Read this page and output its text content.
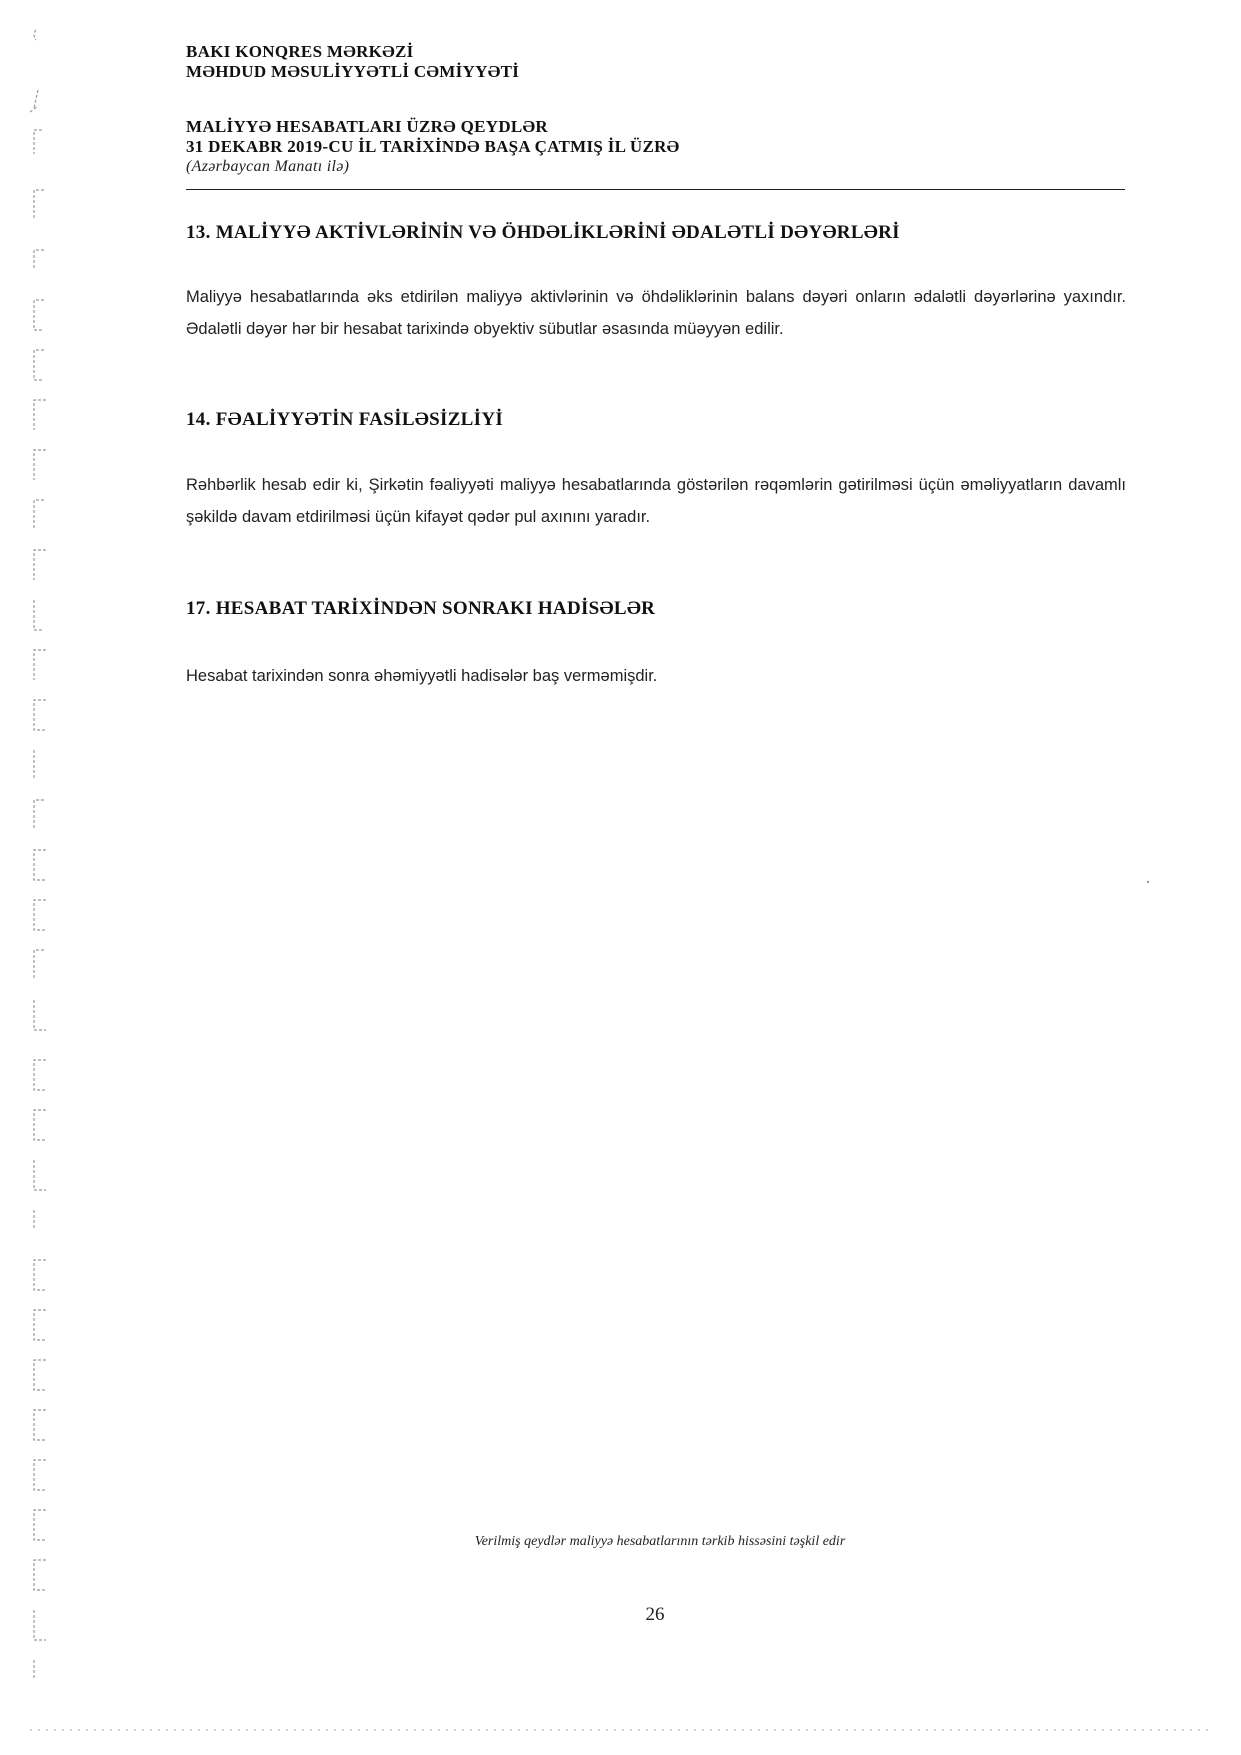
BAKI KONQRES MƏRKƏZİ
MƏHDUD MƏSULİYYƏTLİ CƏMİYYƏTİ
MALİYYƏ HESABATLARI ÜZRƏ QEYDLƏR
31 DEKABR 2019-CU İL TARİXİNDƏ BAŞA ÇATMIŞ İL ÜZRƏ
(Azərbaycan Manatı ilə)
13. MALİYYƏ AKTİVLƏRİNİN VƏ ÖHDƏLİKLƏRİNİ ƏDALƏTLİ DƏYƏRLƏRİ

Maliyyə hesabatlarında əks etdirilən maliyyə aktivlərinin və öhdəliklərinin balans dəyəri onların ədalətli dəyərlərinə yaxındır. Ədalətli dəyər hər bir hesabat tarixində obyektiv sübutlar əsasında müəyyən edilir.

14. FƏALİYYƏTİN FASİLƏSİZLİYİ

Rəhbərlik hesab edir ki, Şirkətin fəaliyyəti maliyyə hesabatlarında göstərilən rəqəmlərin gətirilməsi üçün əməliyyatların davamlı şəkildə davam etdirilməsi üçün kifayət qədər pul axınını yaradır.

17. HESABAT TARİXİNDƏN SONRAKI HADİSƏLƏR

Hesabat tarixindən sonra əhəmiyyətli hadisələr baş verməmişdir.

Verilmiş qeydlər maliyyə hesabatlarının tərkib hissəsini təşkil edir
26
